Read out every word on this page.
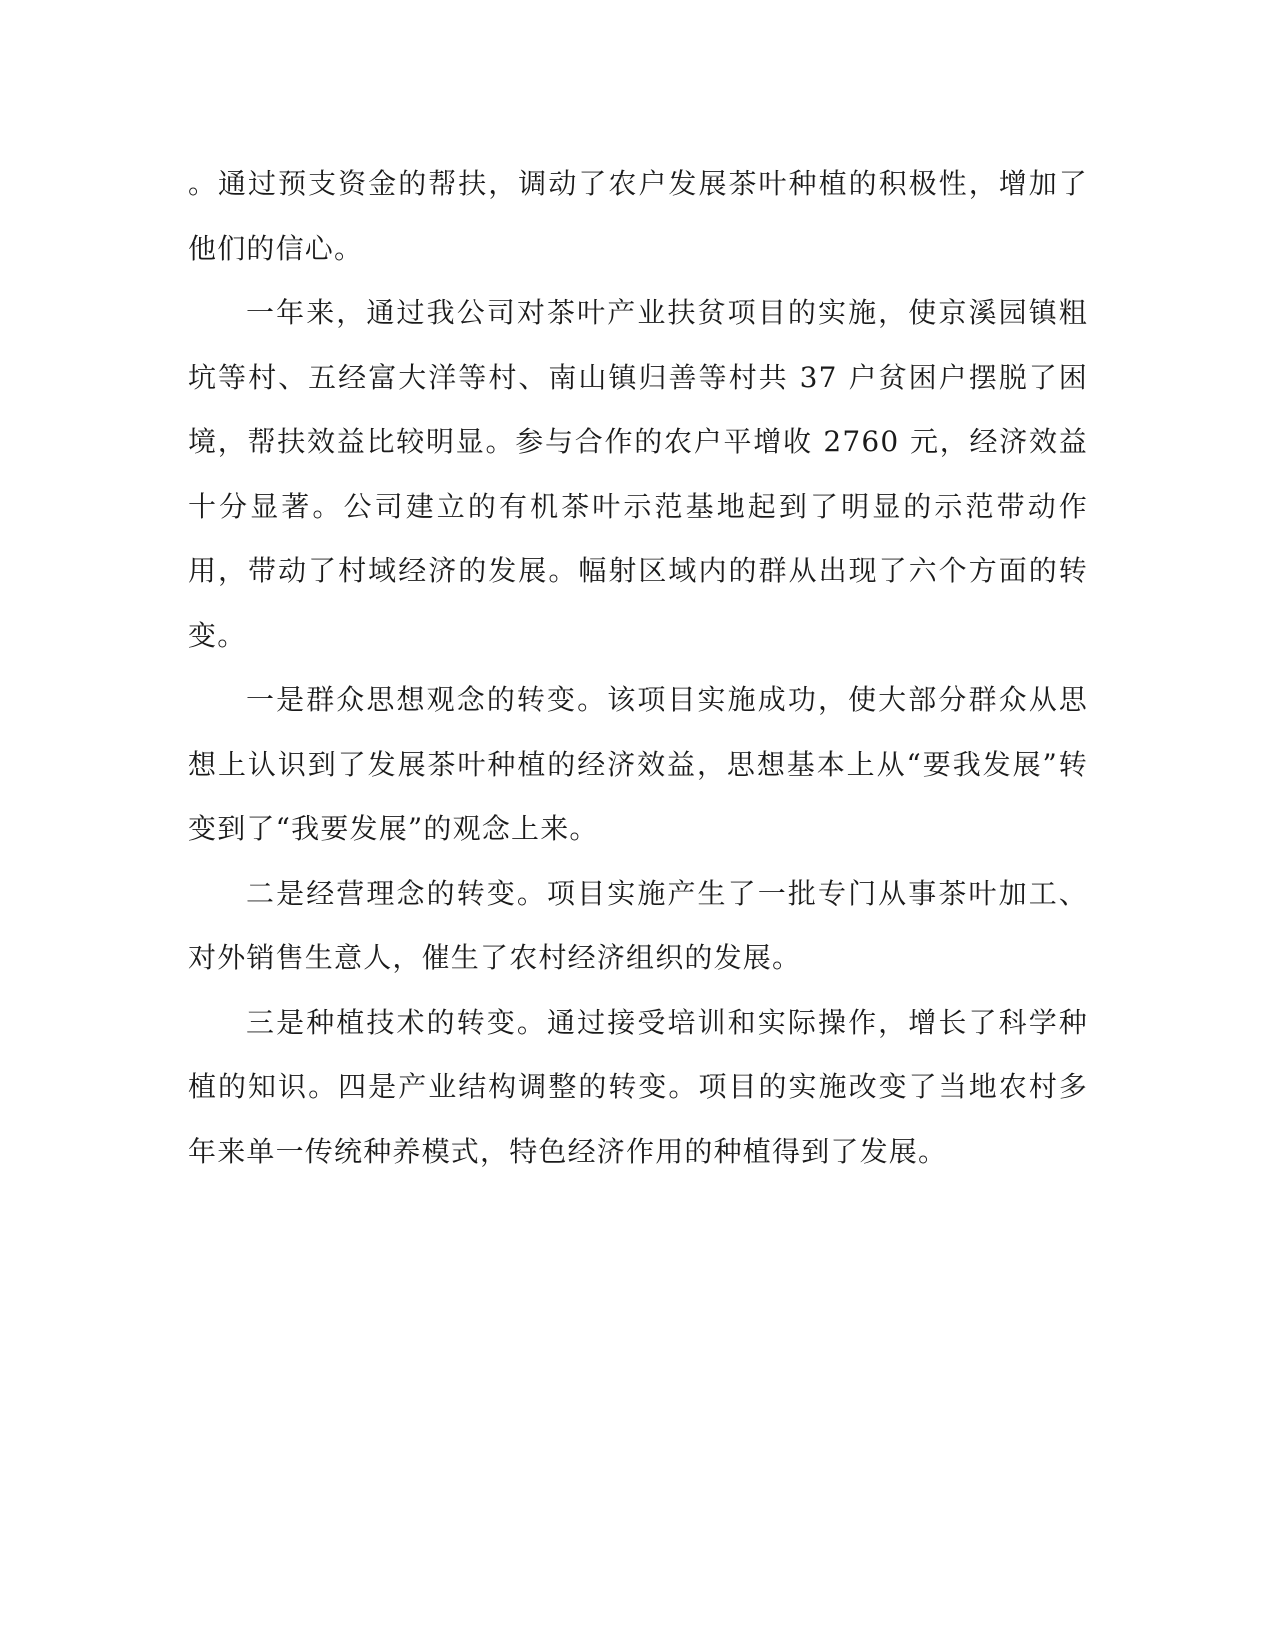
。通过预支资金的帮扶，调动了农户发展茶叶种植的积极性，增加了他们的信心。

一年来，通过我公司对茶叶产业扶贫项目的实施，使京溪园镇粗坑等村、五经富大洋等村、南山镇归善等村共 37 户贫困户摆脱了困境，帮扶效益比较明显。参与合作的农户平增收 2760 元，经济效益十分显著。公司建立的有机茶叶示范基地起到了明显的示范带动作用，带动了村域经济的发展。幅射区域内的群从出现了六个方面的转变。

一是群众思想观念的转变。该项目实施成功，使大部分群众从思想上认识到了发展茶叶种植的经济效益，思想基本上从“要我发展”转变到了“我要发展”的观念上来。

二是经营理念的转变。项目实施产生了一批专门从事茶叶加工、对外销售生意人，催生了农村经济组织的发展。

三是种植技术的转变。通过接受培训和实际操作，增长了科学种植的知识。四是产业结构调整的转变。项目的实施改变了当地农村多年来单一传统种养模式，特色经济作用的种植得到了发展。
